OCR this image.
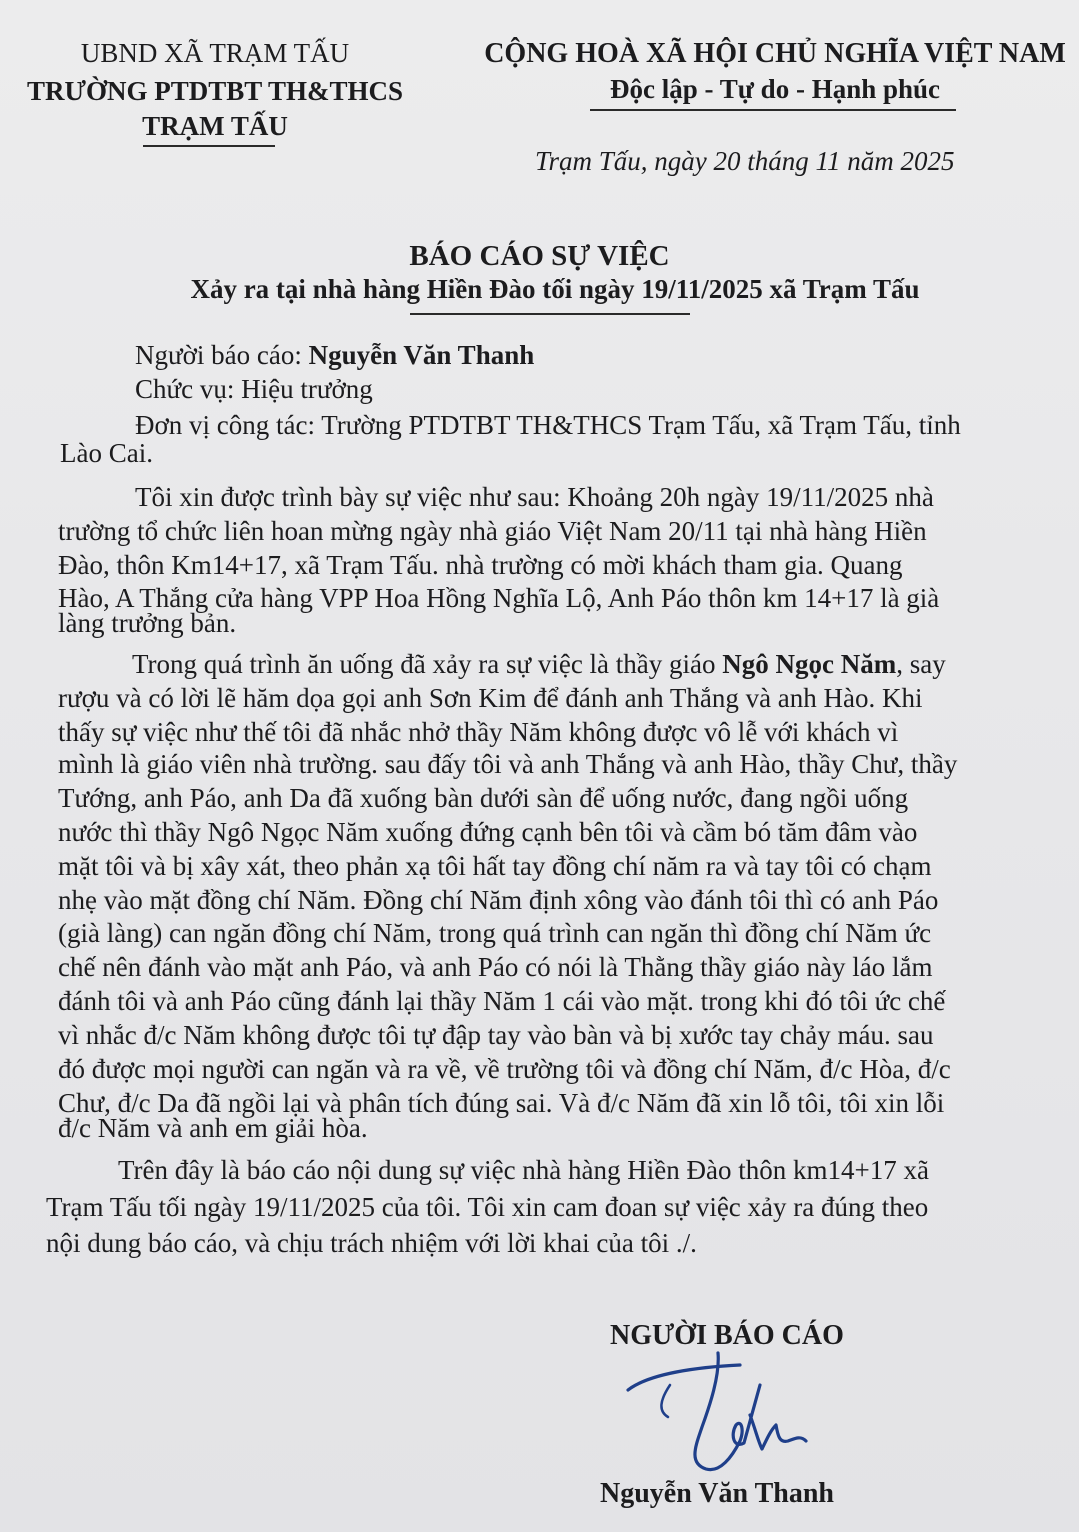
UBND XÃ TRẠM TẤU
TRƯỜNG PTDTBT TH&THCS
TRẠM TẤU
CỘNG HOÀ XÃ HỘI CHỦ NGHĨA VIỆT NAM
Độc lập - Tự do - Hạnh phúc
Trạm Tấu, ngày 20 tháng 11 năm 2025

BÁO CÁO SỰ VIỆC
Xảy ra tại nhà hàng Hiền Đào tối ngày 19/11/2025 xã Trạm Tấu
Người báo cáo: Nguyễn Văn Thanh
Chức vụ: Hiệu trưởng
Đơn vị công tác: Trường PTDTBT TH&THCS Trạm Tấu, xã Trạm Tấu, tỉnh
Lào Cai.
Tôi xin được trình bày sự việc như sau: Khoảng 20h ngày 19/11/2025 nhà
trường tổ chức liên hoan mừng ngày nhà giáo Việt Nam 20/11 tại nhà hàng Hiền
Đào, thôn Km14+17, xã Trạm Tấu. nhà trường có mời khách tham gia. Quang
Hào, A Thắng cửa hàng VPP Hoa Hồng Nghĩa Lộ, Anh Páo thôn km 14+17 là già
làng trưởng bản.
Trong quá trình ăn uống đã xảy ra sự việc là thầy giáo Ngô Ngọc Năm, say
rượu và có lời lẽ hăm dọa gọi anh Sơn Kim để đánh anh Thắng và anh Hào. Khi
thấy sự việc như thế tôi đã nhắc nhở thầy Năm không được vô lễ với khách vì
mình là giáo viên nhà trường. sau đấy tôi và anh Thắng và anh Hào, thầy Chư, thầy
Tướng, anh Páo, anh Da đã xuống bàn dưới sàn để uống nước, đang ngồi uống
nước thì thầy Ngô Ngọc Năm xuống đứng cạnh bên tôi và cầm bó tăm đâm vào
mặt tôi và bị xây xát, theo phản xạ tôi hất tay đồng chí năm ra và tay tôi có chạm
nhẹ vào mặt đồng chí Năm. Đồng chí Năm định xông vào đánh tôi thì có anh Páo
(già làng) can ngăn đồng chí Năm, trong quá trình can ngăn thì đồng chí Năm ức
chế nên đánh vào mặt anh Páo, và anh Páo có nói là Thằng thầy giáo này láo lắm
đánh tôi và anh Páo cũng đánh lại thầy Năm 1 cái vào mặt. trong khi đó tôi ức chế
vì nhắc đ/c Năm không được tôi tự đập tay vào bàn và bị xước tay chảy máu. sau
đó được mọi người can ngăn và ra về, về trường tôi và đồng chí Năm, đ/c Hòa, đ/c
Chư, đ/c Da đã ngồi lại và phân tích đúng sai. Và đ/c Năm đã xin lỗ tôi, tôi xin lỗi
đ/c Năm và anh em giải hòa.
Trên đây là báo cáo nội dung sự việc nhà hàng Hiền Đào thôn km14+17 xã
Trạm Tấu tối ngày 19/11/2025 của tôi. Tôi xin cam đoan sự việc xảy ra đúng theo
nội dung báo cáo, và chịu trách nhiệm với lời khai của tôi ./.
NGƯỜI BÁO CÁO
Nguyễn Văn Thanh
